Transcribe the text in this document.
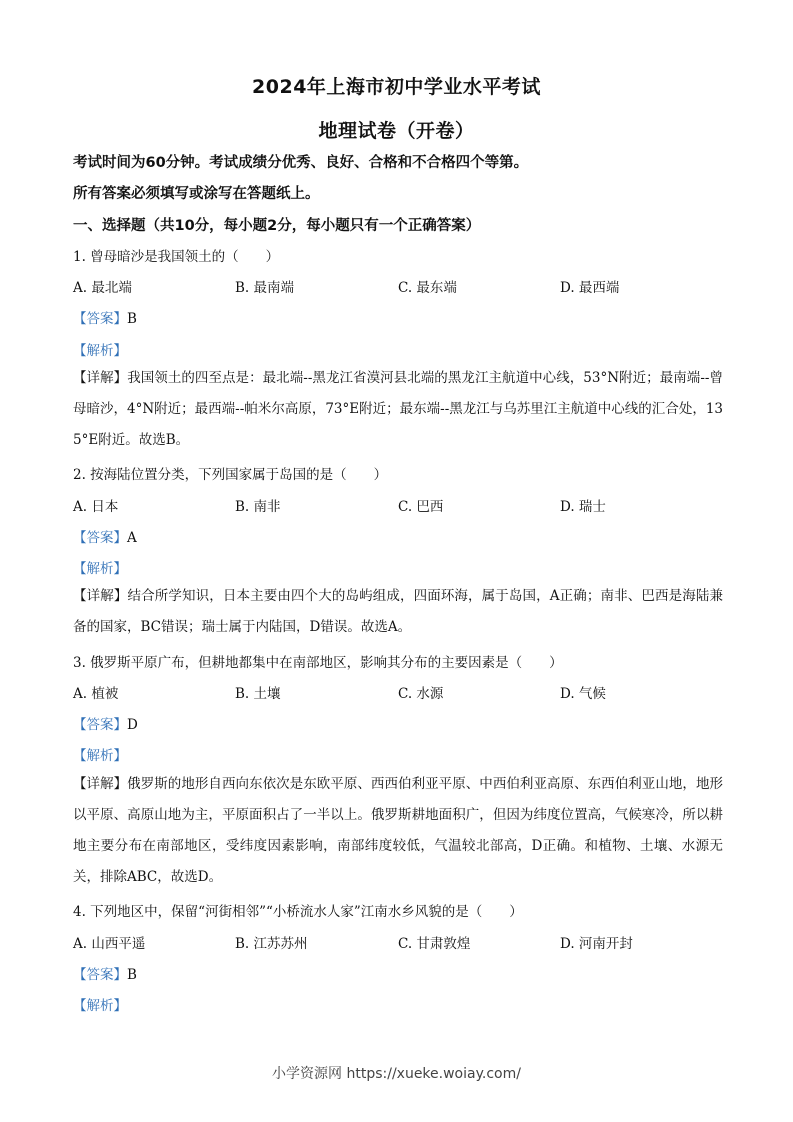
2024年上海市初中学业水平考试
地理试卷（开卷）
考试时间为60分钟。考试成绩分优秀、良好、合格和不合格四个等第。
所有答案必须填写或涂写在答题纸上。
一、选择题（共10分，每小题2分，每小题只有一个正确答案）
1. 曾母暗沙是我国领土的（　　）
A. 最北端	B. 最南端	C. 最东端	D. 最西端
【答案】B
【解析】
【详解】我国领土的四至点是：最北端--黑龙江省漠河县北端的黑龙江主航道中心线，53°N附近；最南端--曾母暗沙，4°N附近；最西端--帕米尔高原，73°E附近；最东端--黑龙江与乌苏里江主航道中心线的汇合处，135°E附近。故选B。
2. 按海陆位置分类，下列国家属于岛国的是（　　）
A. 日本	B. 南非	C. 巴西	D. 瑞士
【答案】A
【解析】
【详解】结合所学知识，日本主要由四个大的岛屿组成，四面环海，属于岛国，A正确；南非、巴西是海陆兼备的国家，BC错误；瑞士属于内陆国，D错误。故选A。
3. 俄罗斯平原广布，但耕地都集中在南部地区，影响其分布的主要因素是（　　）
A. 植被	B. 土壤	C. 水源	D. 气候
【答案】D
【解析】
【详解】俄罗斯的地形自西向东依次是东欧平原、西西伯利亚平原、中西伯利亚高原、东西伯利亚山地，地形以平原、高原山地为主，平原面积占了一半以上。俄罗斯耕地面积广，但因为纬度位置高，气候寒冷，所以耕地主要分布在南部地区，受纬度因素影响，南部纬度较低，气温较北部高，D正确。和植物、土壤、水源无关，排除ABC，故选D。
4. 下列地区中，保留“河街相邻”“小桥流水人家”江南水乡风貌的是（　　）
A. 山西平遥	B. 江苏苏州	C. 甘肃敦煌	D. 河南开封
【答案】B
【解析】
小学资源网 https://xueke.woiay.com/
